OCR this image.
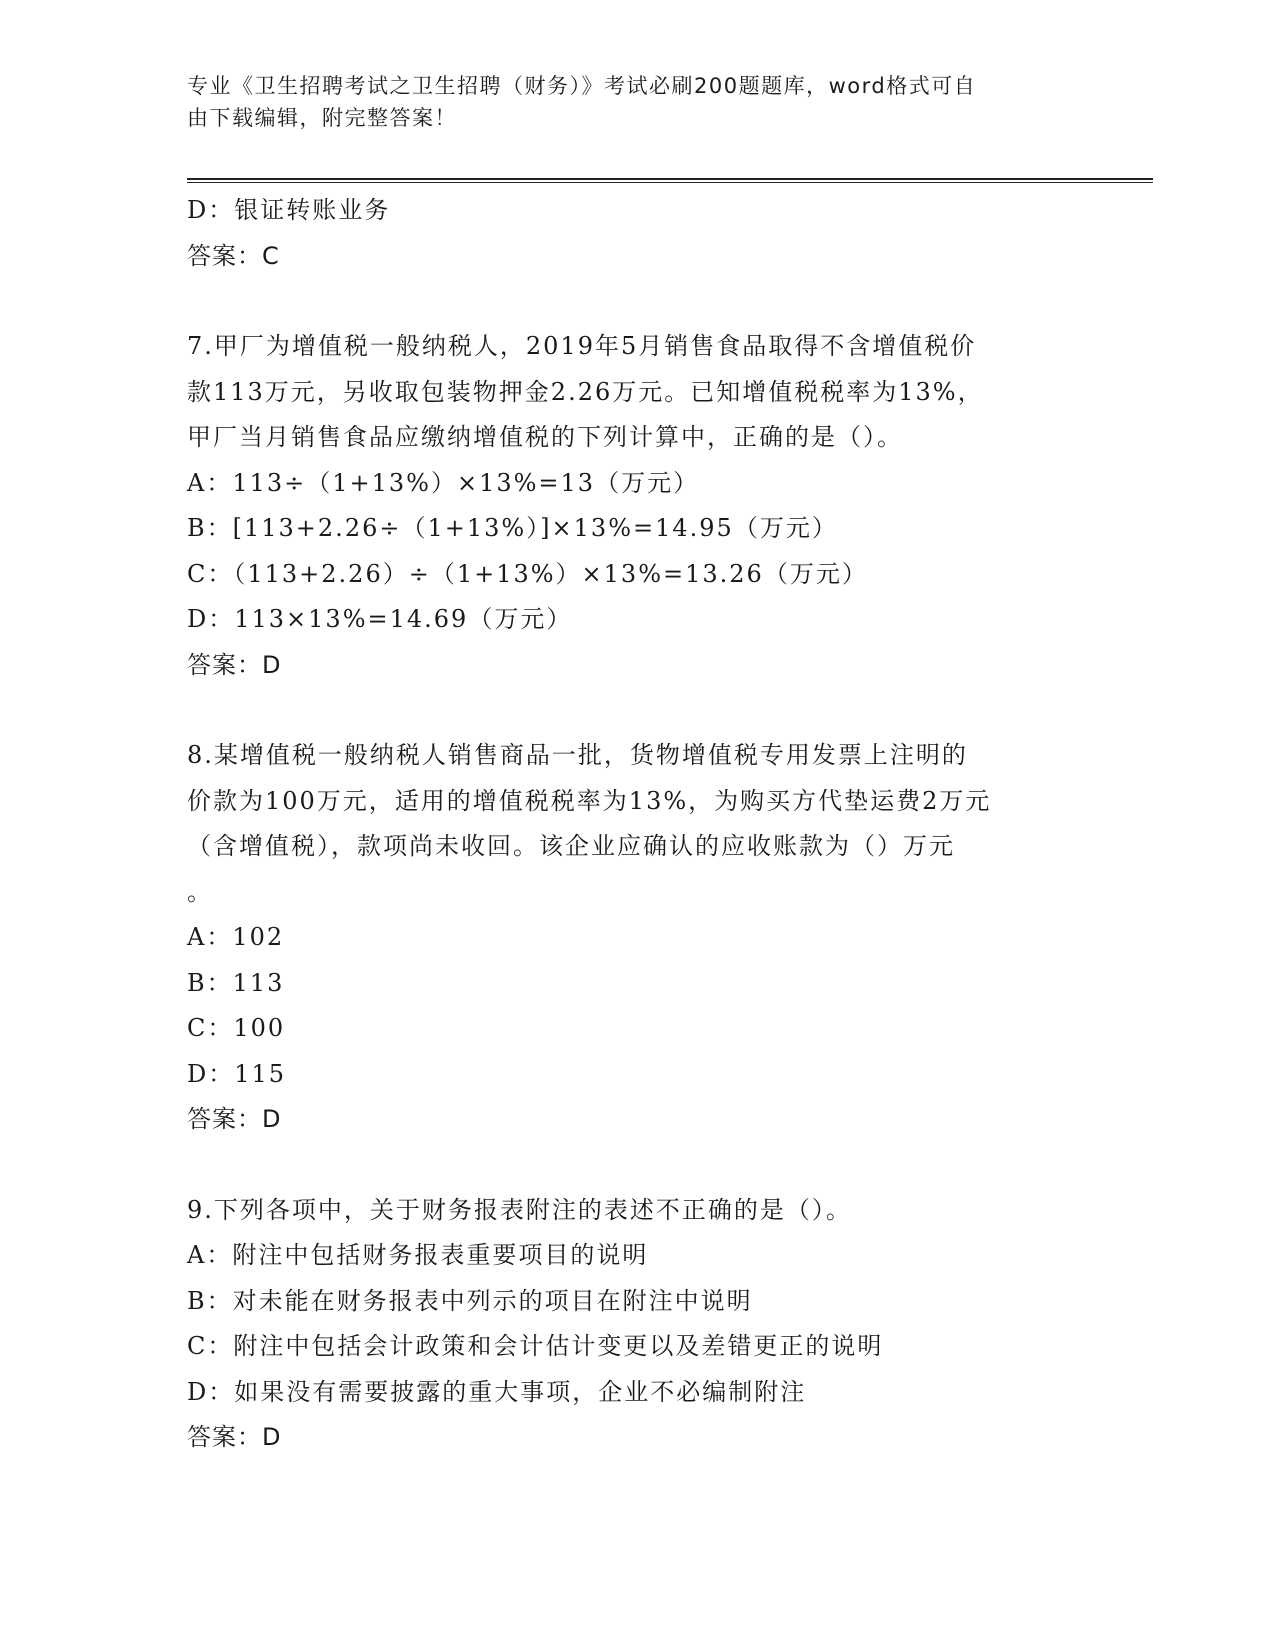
专业《卫生招聘考试之卫生招聘（财务）》考试必刷200题题库，word格式可自
由下载编辑，附完整答案！
D：银证转账业务
答案：C
7.甲厂为增值税一般纳税人，2019年5月销售食品取得不含增值税价
款113万元，另收取包装物押金2.26万元。已知增值税税率为13%，
甲厂当月销售食品应缴纳增值税的下列计算中，正确的是（）。
A：113÷（1+13%）×13%=13（万元）
B：[113+2.26÷（1+13%）]×13%=14.95（万元）
C：（113+2.26）÷（1+13%）×13%=13.26（万元）
D：113×13%=14.69（万元）
答案：D
8.某增值税一般纳税人销售商品一批，货物增值税专用发票上注明的
价款为100万元，适用的增值税税率为13%，为购买方代垫运费2万元
（含增值税），款项尚未收回。该企业应确认的应收账款为（）万元
。
A：102
B：113
C：100
D：115
答案：D
9.下列各项中，关于财务报表附注的表述不正确的是（）。
A：附注中包括财务报表重要项目的说明
B：对未能在财务报表中列示的项目在附注中说明
C：附注中包括会计政策和会计估计变更以及差错更正的说明
D：如果没有需要披露的重大事项，企业不必编制附注
答案：D
